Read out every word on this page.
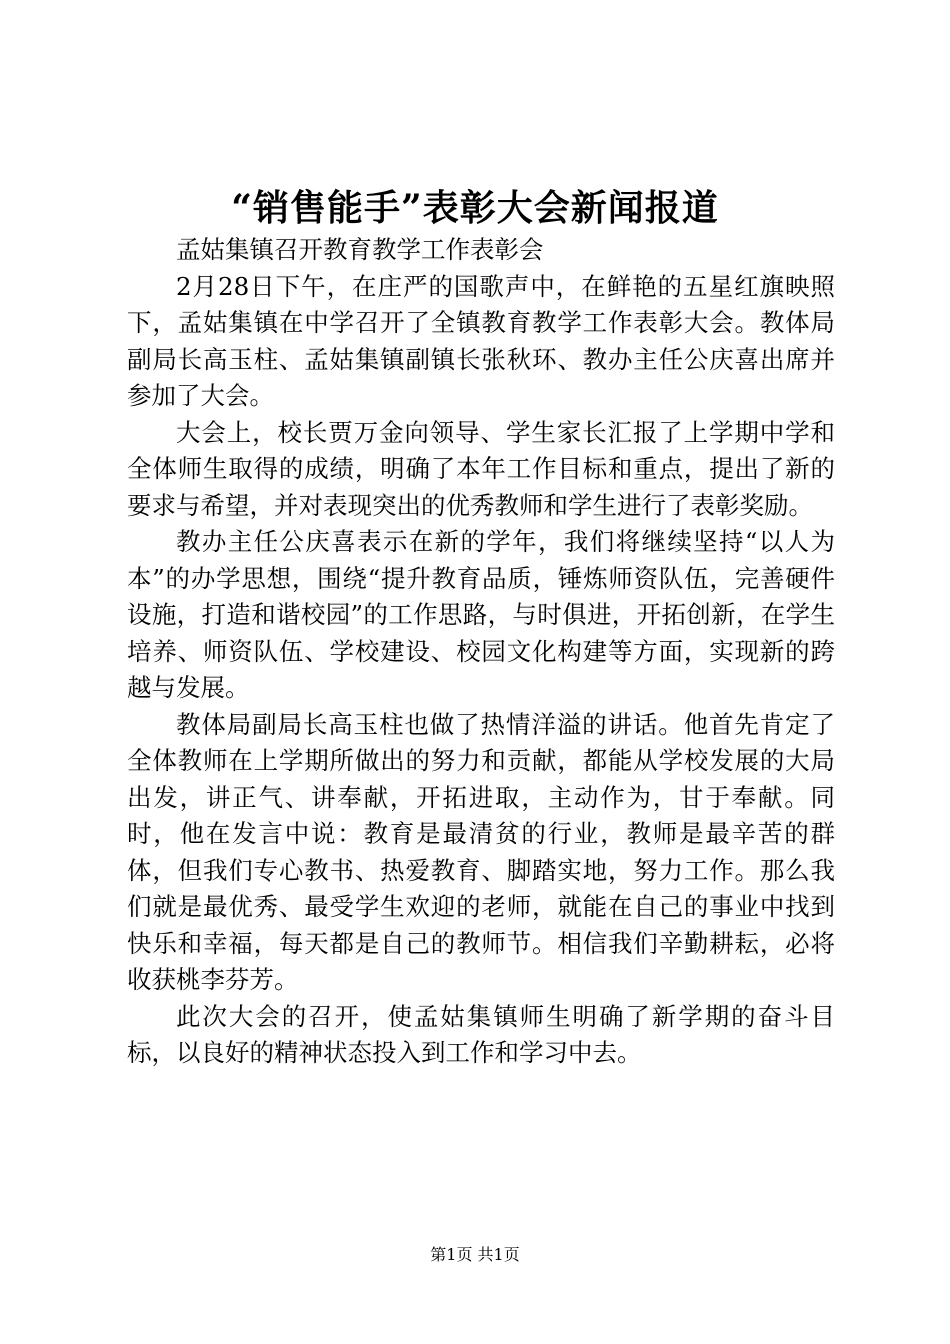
“销售能手”表彰大会新闻报道

孟姑集镇召开教育教学工作表彰会

2月28日下午，在庄严的国歌声中，在鲜艳的五星红旗映照下，孟姑集镇在中学召开了全镇教育教学工作表彰大会。教体局副局长高玉柱、孟姑集镇副镇长张秋环、教办主任公庆喜出席并参加了大会。

大会上，校长贾万金向领导、学生家长汇报了上学期中学和全体师生取得的成绩，明确了本年工作目标和重点，提出了新的要求与希望，并对表现突出的优秀教师和学生进行了表彰奖励。

教办主任公庆喜表示在新的学年，我们将继续坚持“以人为本”的办学思想，围绕“提升教育品质，锤炼师资队伍，完善硬件设施，打造和谐校园”的工作思路，与时俱进，开拓创新，在学生培养、师资队伍、学校建设、校园文化构建等方面，实现新的跨越与发展。

教体局副局长高玉柱也做了热情洋溢的讲话。他首先肯定了全体教师在上学期所做出的努力和贡献，都能从学校发展的大局出发，讲正气、讲奉献，开拓进取，主动作为，甘于奉献。同时，他在发言中说：教育是最清贫的行业，教师是最辛苦的群体，但我们专心教书、热爱教育、脚踏实地，努力工作。那么我们就是最优秀、最受学生欢迎的老师，就能在自己的事业中找到快乐和幸福，每天都是自己的教师节。相信我们辛勤耕耘，必将收获桃李芬芳。

此次大会的召开，使孟姑集镇师生明确了新学期的奋斗目标，以良好的精神状态投入到工作和学习中去。

第1页 共1页
